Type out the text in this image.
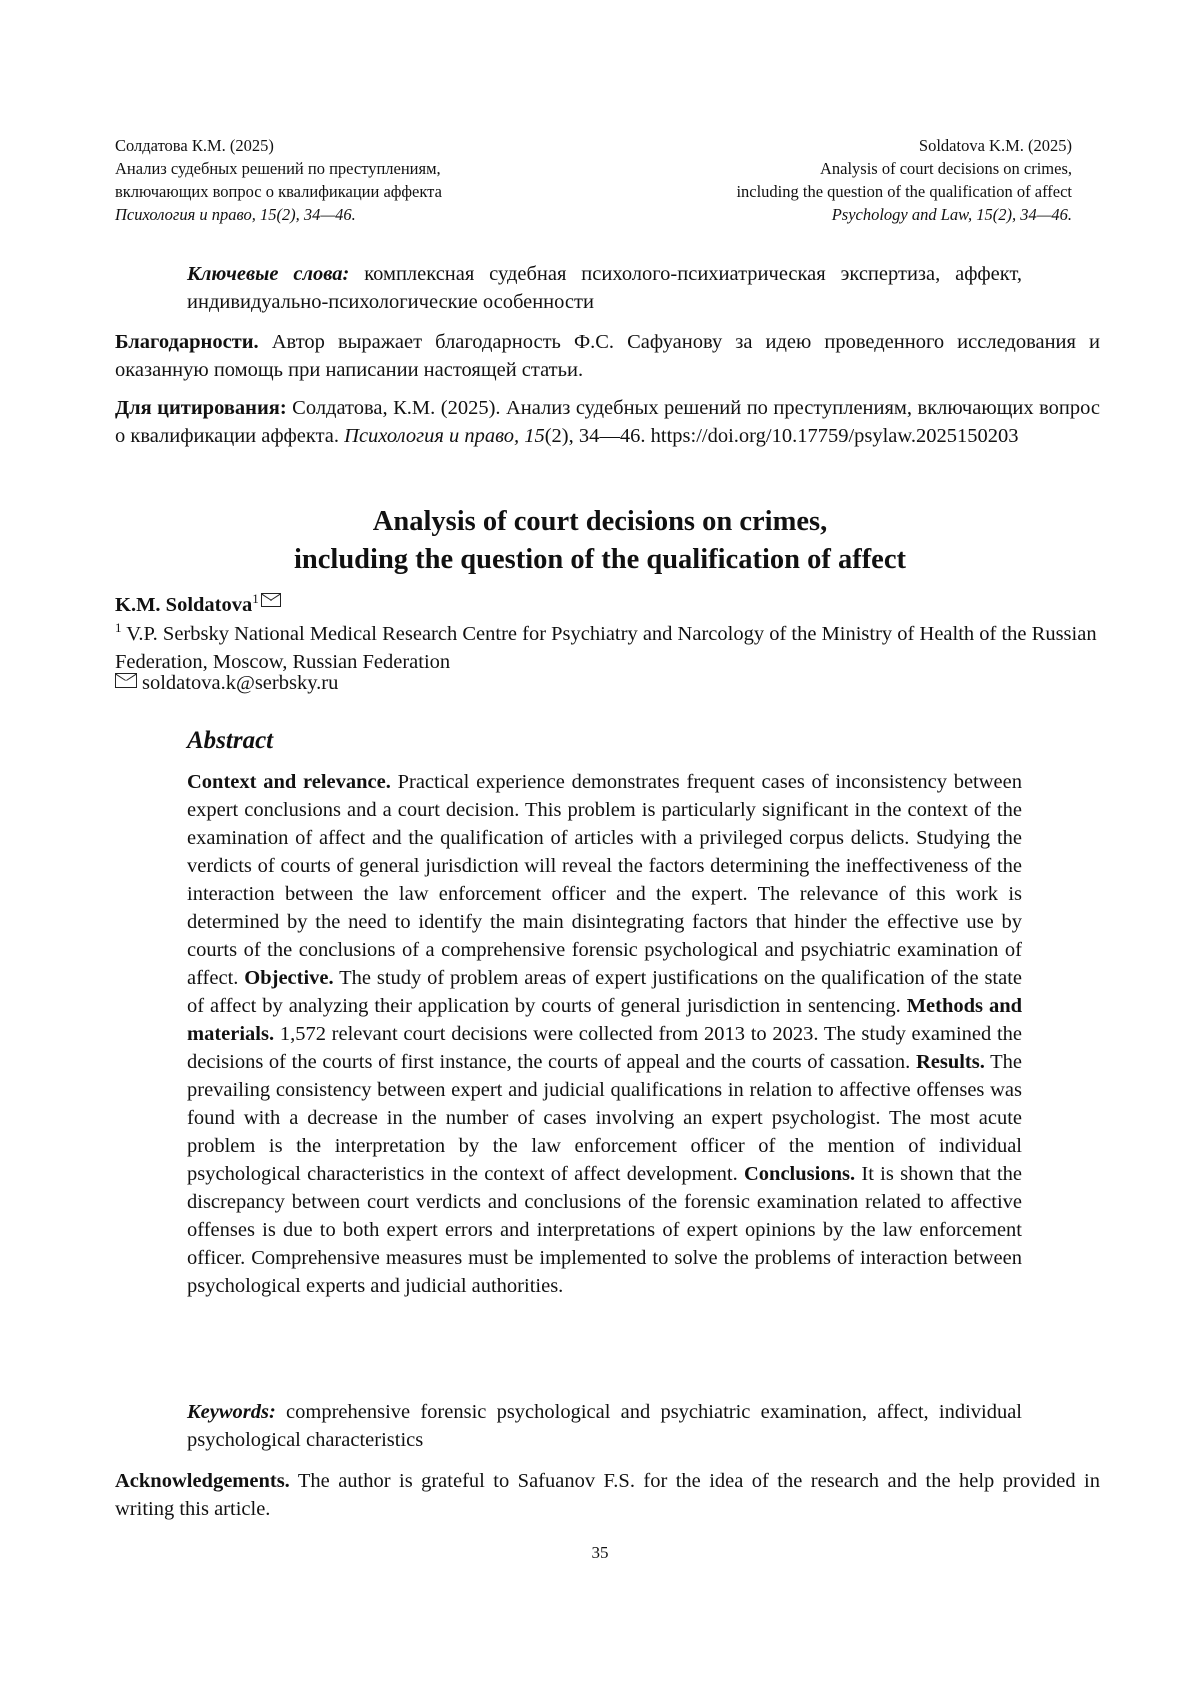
Солдатова К.М. (2025)
Анализ судебных решений по преступлениям,
включающих вопрос о квалификации аффекта
Психология и право, 15(2), 34—46.
Soldatova K.M. (2025)
Analysis of court decisions on crimes,
including the question of the qualification of affect
Psychology and Law, 15(2), 34—46.
Ключевые слова: комплексная судебная психолого-психиатрическая экспертиза, аффект, индивидуально-психологические особенности
Благодарности. Автор выражает благодарность Ф.С. Сафуанову за идею проведенного исследования и оказанную помощь при написании настоящей статьи.
Для цитирования: Солдатова, К.М. (2025). Анализ судебных решений по преступлениям, включающих вопрос о квалификации аффекта. Психология и право, 15(2), 34—46. https://doi.org/10.17759/psylaw.2025150203
Analysis of court decisions on crimes,
including the question of the qualification of affect
K.M. Soldatova$^1$
$^1$ V.P. Serbsky National Medical Research Centre for Psychiatry and Narcology of the Ministry of Health of the Russian Federation, Moscow, Russian Federation
soldatova.k@serbsky.ru
Abstract
Context and relevance. Practical experience demonstrates frequent cases of inconsistency between expert conclusions and a court decision. This problem is particularly significant in the context of the examination of affect and the qualification of articles with a privileged corpus delicts. Studying the verdicts of courts of general jurisdiction will reveal the factors determining the ineffectiveness of the interaction between the law enforcement officer and the expert. The relevance of this work is determined by the need to identify the main disintegrating factors that hinder the effective use by courts of the conclusions of a comprehensive forensic psychological and psychiatric examination of affect. Objective. The study of problem areas of expert justifications on the qualification of the state of affect by analyzing their application by courts of general jurisdiction in sentencing. Methods and materials. 1,572 relevant court decisions were collected from 2013 to 2023. The study examined the decisions of the courts of first instance, the courts of appeal and the courts of cassation. Results. The prevailing consistency between expert and judicial qualifications in relation to affective offenses was found with a decrease in the number of cases involving an expert psychologist. The most acute problem is the interpretation by the law enforcement officer of the mention of individual psychological characteristics in the context of affect development. Conclusions. It is shown that the discrepancy between court verdicts and conclusions of the forensic examination related to affective offenses is due to both expert errors and interpretations of expert opinions by the law enforcement officer. Comprehensive measures must be implemented to solve the problems of interaction between psychological experts and judicial authorities.
Keywords: comprehensive forensic psychological and psychiatric examination, affect, individual psychological characteristics
Acknowledgements. The author is grateful to Safuanov F.S. for the idea of the research and the help provided in writing this article.
35
